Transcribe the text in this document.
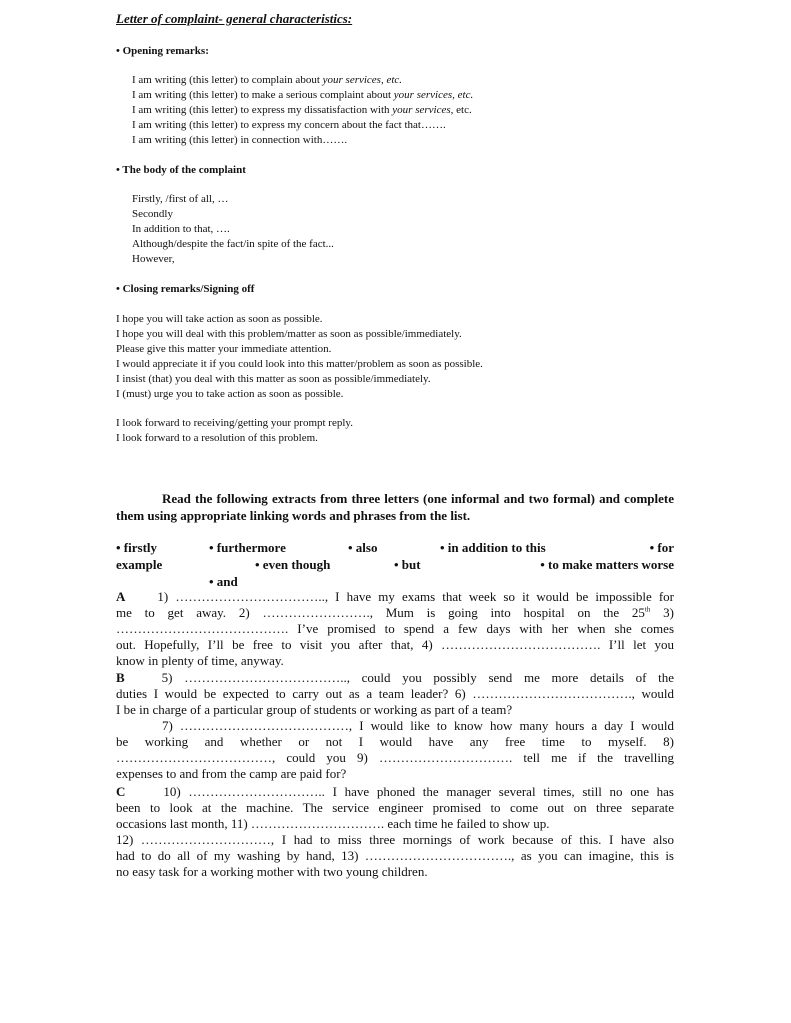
Letter of complaint- general characteristics:
• Opening remarks:
I am writing (this letter) to complain about your services, etc.
I am writing (this letter) to make a serious complaint about your services, etc.
I am writing (this letter) to express my dissatisfaction with your services, etc.
I am writing (this letter) to express my concern about the fact that…….
I am writing (this letter) in connection with…….
• The body of the complaint
Firstly, /first of all, …
Secondly
In addition to that, ….
Although/despite the fact/in spite of the fact...
However,
• Closing remarks/Signing off
I hope you will take action as soon as possible.
I hope you will deal with this problem/matter as soon as possible/immediately.
Please give this matter your immediate attention.
I would appreciate it if you could look into this matter/problem as soon as possible.
I insist (that) you deal with this matter as soon as possible/immediately.
I (must) urge you to take action as soon as possible.
I look forward to receiving/getting your prompt reply.
I look forward to a resolution of this problem.
Read the following extracts from three letters (one informal and two formal) and complete them using appropriate linking words and phrases from the list.
• firstly	• furthermore	• also	• in addition to this	• for
example	• even though	• but	• to make matters worse
• and
A 1) …………………………….., I have my exams that week so it would be impossible for
me to get away. 2) ……………………., Mum is going into hospital on the 25th 3)
…………………………………. I’ve promised to spend a few days with her when she comes
out. Hopefully, I’ll be free to visit you after that, 4) ………………………………. I’ll let you
know in plenty of time, anyway.
B	5) ……………………………….., could you possibly send me more details of the
duties I would be expected to carry out as a team leader? 6) ………………………………., would
I be in charge of a particular group of students or working as part of a team?
7) …………………………………, I would like to know how many hours a day I would
be working and whether or not I would have any free time to myself. 8)
………………………………, could you 9) …………………………. tell me if the travelling
expenses to and from the camp are paid for?
C	10) ………………………….. I have phoned the manager several times, still no one has
been to look at the machine. The service engineer promised to come out on three separate
occasions last month, 11) …………………………. each time he failed to show up.
12) …………………………, I had to miss three mornings of work because of this. I have also
had to do all of my washing by hand, 13) ……………………………., as you can imagine, this is
no easy task for a working mother with two young children.
